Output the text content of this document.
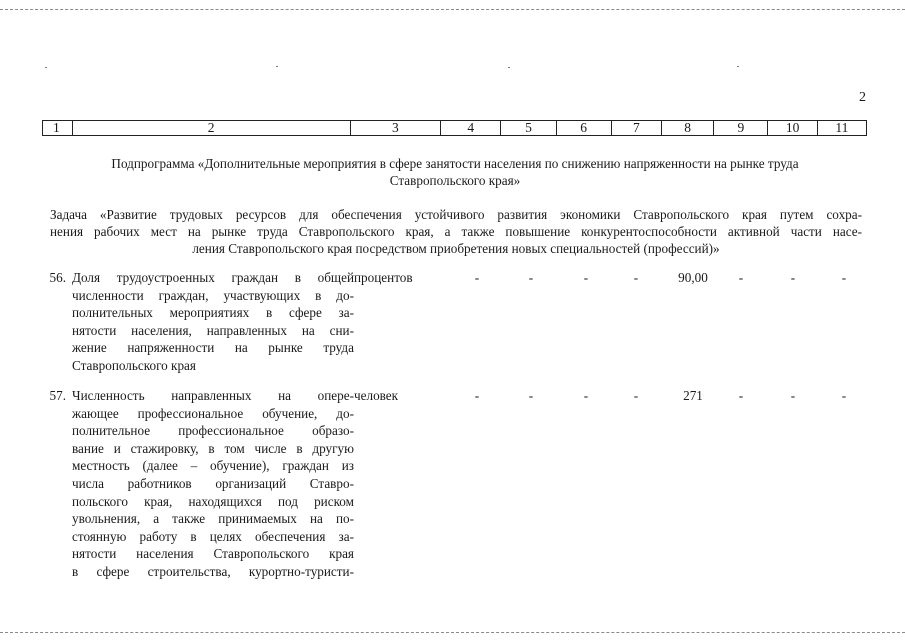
2
1	2	3	4	5	6	7	8	9	10	11
Подпрограмма «Дополнительные мероприятия в сфере занятости населения по снижению напряженности на рынке труда
Ставропольского края»
Задача «Развитие трудовых ресурсов для обеспечения устойчивого развития экономики Ставропольского края путем сохра-
нения рабочих мест на рынке труда Ставропольского края, а также повышение конкурентоспособности активной части насе-
ления Ставропольского края посредством приобретения новых специальностей (профессий)»
56. Доля трудоустроенных граждан в общей
численности граждан, участвующих в до-
полнительных мероприятиях в сфере за-
нятости населения, направленных на сни-
жение напряженности на рынке труда
Ставропольского края
процентов	-	-	-	-	90,00	-	-	-
57. Численность направленных на опере-
жающее профессиональное обучение, до-
полнительное профессиональное образо-
вание и стажировку, в том числе в другую
местность (далее – обучение), граждан из
числа работников организаций Ставро-
польского края, находящихся под риском
увольнения, а также принимаемых на по-
стоянную работу в целях обеспечения за-
нятости населения Ставропольского края
в сфере строительства, курортно-туристи-
человек	-	-	-	-	271	-	-	-
